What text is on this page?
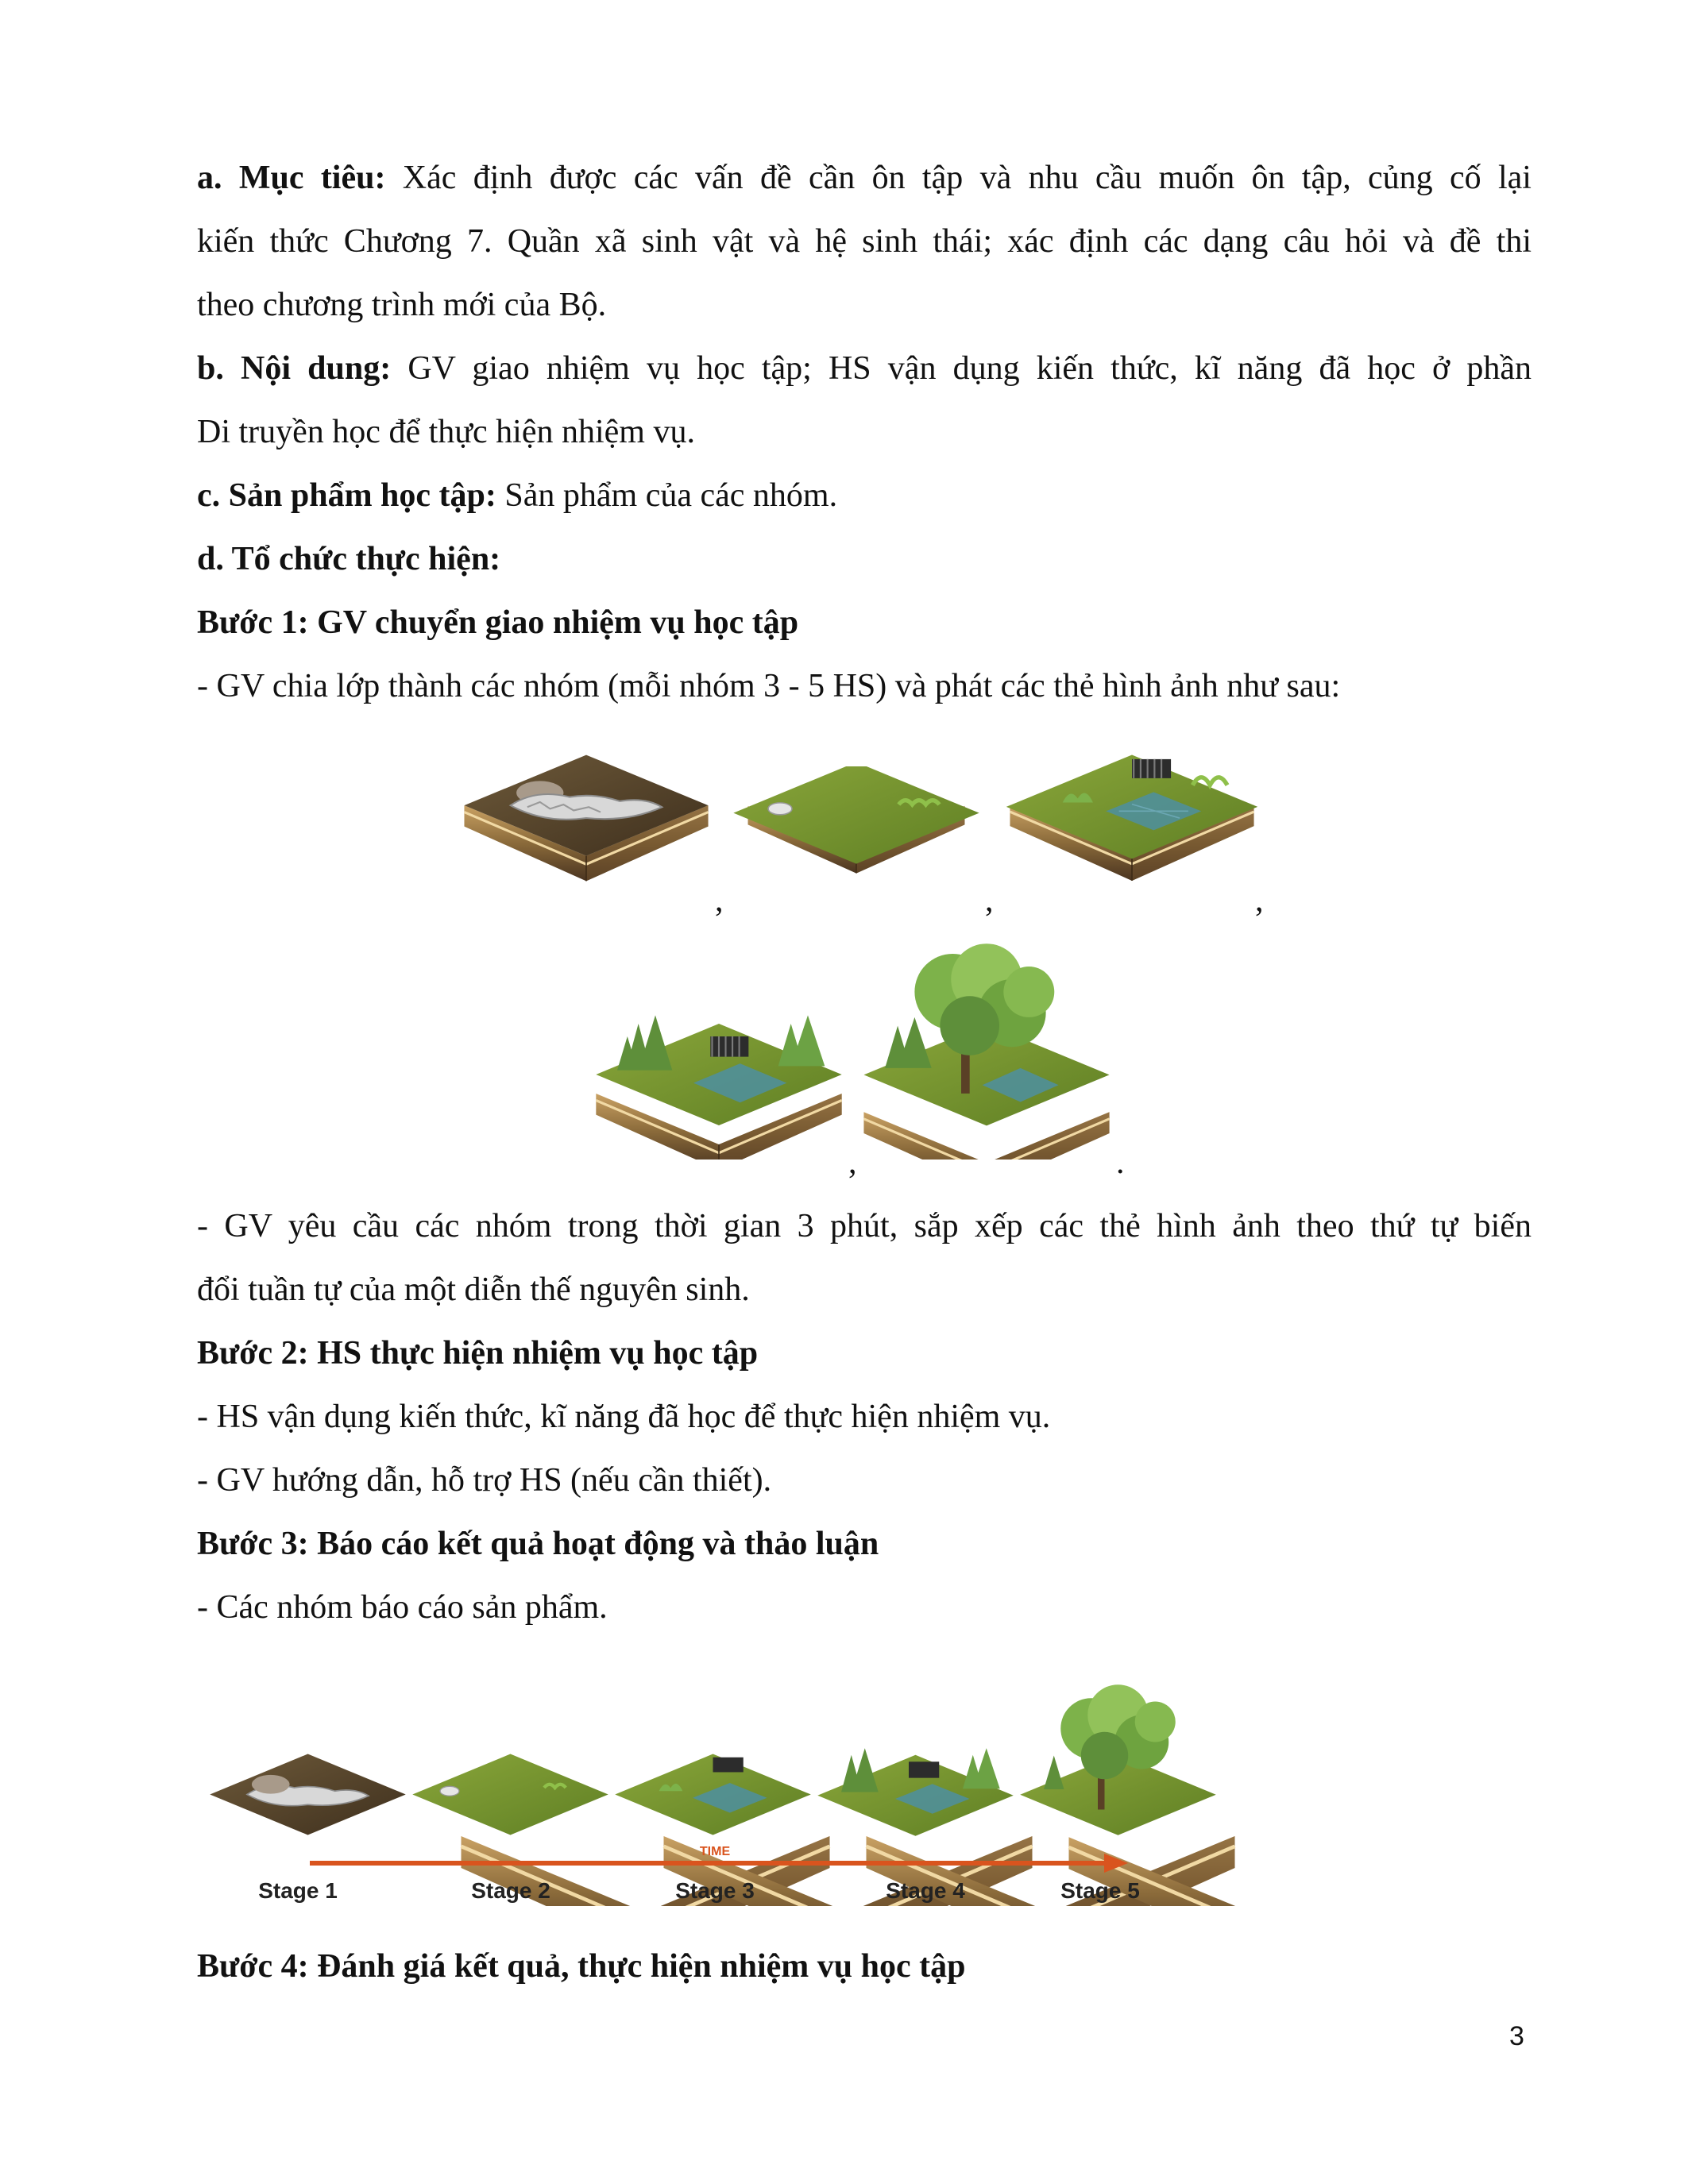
a. Mục tiêu: Xác định được các vấn đề cần ôn tập và nhu cầu muốn ôn tập, củng cố lại
kiến thức Chương 7. Quần xã sinh vật và hệ sinh thái; xác định các dạng câu hỏi và đề thi
theo chương trình mới của Bộ.
b. Nội dung: GV giao nhiệm vụ học tập; HS vận dụng kiến thức, kĩ năng đã học ở phần
Di truyền học để thực hiện nhiệm vụ.
c. Sản phẩm học tập: Sản phẩm của các nhóm.
d. Tổ chức thực hiện:
Bước 1: GV chuyển giao nhiệm vụ học tập
- GV chia lớp thành các nhóm (mỗi nhóm 3 - 5 HS) và phát các thẻ hình ảnh như sau:
,	,	,
,	.
- GV yêu cầu các nhóm trong thời gian 3 phút, sắp xếp các thẻ hình ảnh theo thứ tự biến
đổi tuần tự của một diễn thế nguyên sinh.
Bước 2: HS thực hiện nhiệm vụ học tập
- HS vận dụng kiến thức, kĩ năng đã học để thực hiện nhiệm vụ.
- GV hướng dẫn, hỗ trợ HS (nếu cần thiết).
Bước 3: Báo cáo kết quả hoạt động và thảo luận
- Các nhóm báo cáo sản phẩm.
TIME
Stage 1	Stage 2	Stage 3	Stage 4	Stage 5
Bước 4: Đánh giá kết quả, thực hiện nhiệm vụ học tập
3
